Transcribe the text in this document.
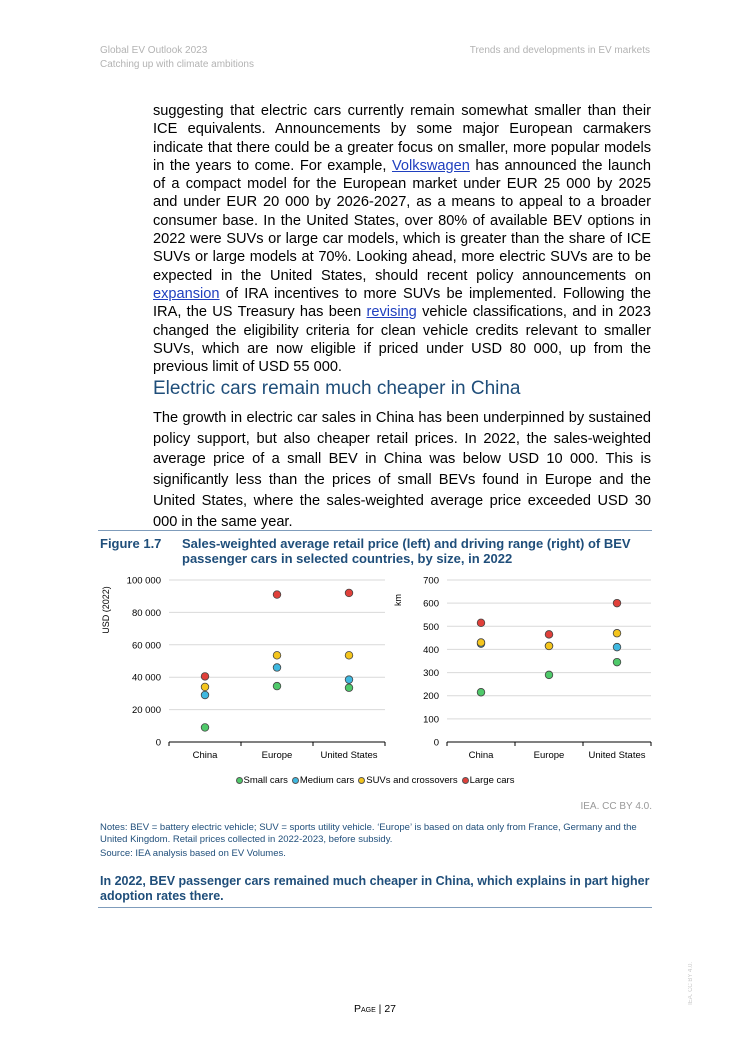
Global EV Outlook 2023
Catching up with climate ambitions
Trends and developments in EV markets

suggesting that electric cars currently remain somewhat smaller than their ICE equivalents. Announcements by some major European carmakers indicate that there could be a greater focus on smaller, more popular models in the years to come. For example, Volkswagen has announced the launch of a compact model for the European market under EUR 25 000 by 2025 and under EUR 20 000 by 2026-2027, as a means to appeal to a broader consumer base. In the United States, over 80% of available BEV options in 2022 were SUVs or large car models, which is greater than the share of ICE SUVs or large models at 70%. Looking ahead, more electric SUVs are to be expected in the United States, should recent policy announcements on expansion of IRA incentives to more SUVs be implemented. Following the IRA, the US Treasury has been revising vehicle classifications, and in 2023 changed the eligibility criteria for clean vehicle credits relevant to smaller SUVs, which are now eligible if priced under USD 80 000, up from the previous limit of USD 55 000.

Electric cars remain much cheaper in China
The growth in electric car sales in China has been underpinned by sustained policy support, but also cheaper retail prices. In 2022, the sales-weighted average price of a small BEV in China was below USD 10 000. This is significantly less than the prices of small BEVs found in Europe and the United States, where the sales-weighted average price exceeded USD 30 000 in the same year.
Figure 1.7 Sales-weighted average retail price (left) and driving range (right) of BEV passenger cars in selected countries, by size, in 2022
0
20 000
40 000
60 000
80 000
100 000
China	Europe	United States
USD (2022)
0
100
200
300
400
500
600
700
China	Europe	United States
km
Small cars Medium cars SUVs and crossovers Large cars
IEA. CC BY 4.0.
Notes: BEV = battery electric vehicle; SUV = sports utility vehicle. ‘Europe’ is based on data only from France, Germany and the United Kingdom. Retail prices collected in 2022-2023, before subsidy.
Source: IEA analysis based on EV Volumes.
In 2022, BEV passenger cars remained much cheaper in China, which explains in part higher adoption rates there.
Page | 27
IEA. CC BY 4.0.
